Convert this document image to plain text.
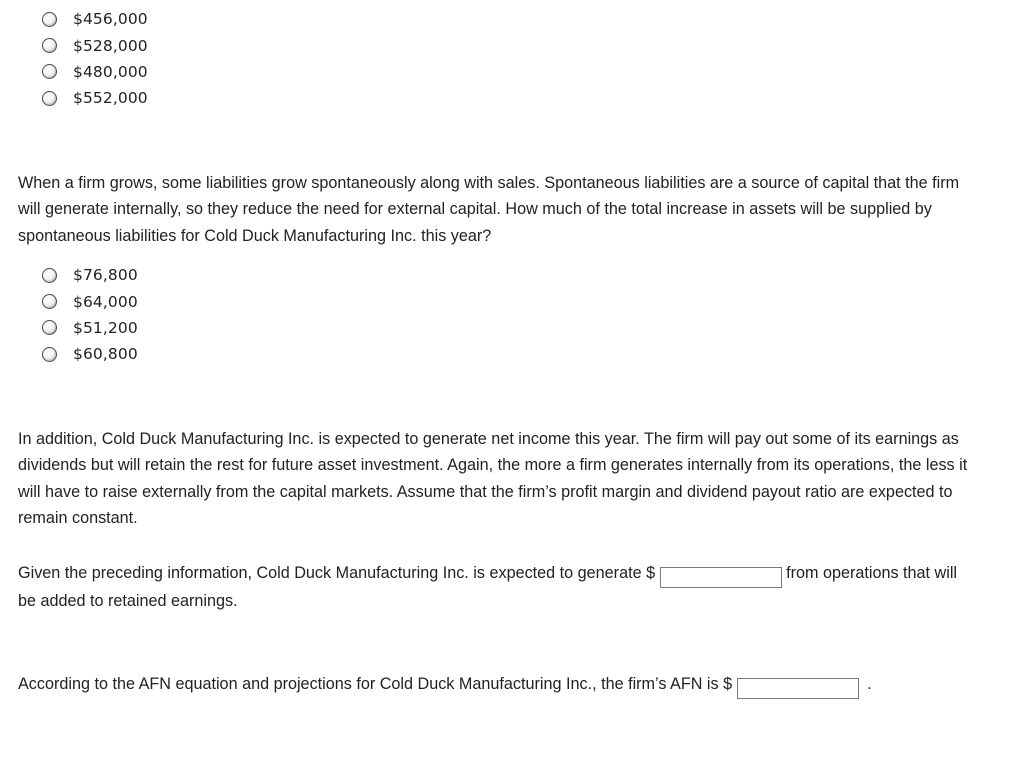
$456,000
$528,000
$480,000
$552,000

When a firm grows, some liabilities grow spontaneously along with sales. Spontaneous liabilities are a source of capital that the firm will generate internally, so they reduce the need for external capital. How much of the total increase in assets will be supplied by spontaneous liabilities for Cold Duck Manufacturing Inc. this year?

$76,800
$64,000
$51,200
$60,800

In addition, Cold Duck Manufacturing Inc. is expected to generate net income this year. The firm will pay out some of its earnings as dividends but will retain the rest for future asset investment. Again, the more a firm generates internally from its operations, the less it will have to raise externally from the capital markets. Assume that the firm’s profit margin and dividend payout ratio are expected to remain constant.

Given the preceding information, Cold Duck Manufacturing Inc. is expected to generate $	from operations that will be added to retained earnings.

According to the AFN equation and projections for Cold Duck Manufacturing Inc., the firm’s AFN is $	.
